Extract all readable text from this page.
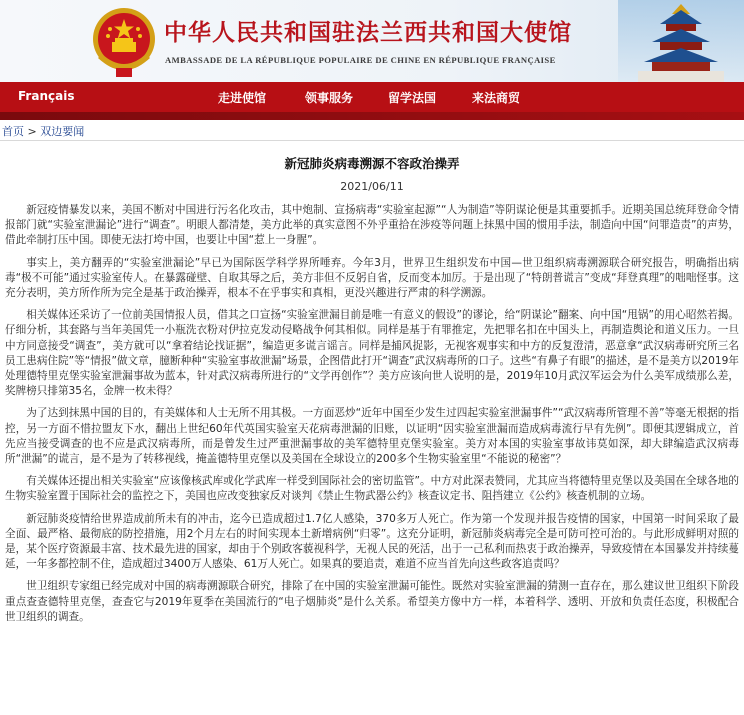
中华人民共和国驻法兰西共和国大使馆
AMBASSADE DE LA RÉPUBLIQUE POPULAIRE DE CHINE EN RÉPUBLIQUE FRANÇAISE
Français	走进使馆	领事服务	留学法国	来法商贸
首页 > 双边要闻
新冠肺炎病毒溯源不容政治操弄
2021/06/11

新冠疫情暴发以来，美国不断对中国进行污名化攻击，其中炮制、宣扬病毒“实验室起源”“人为制造”等阴谋论便是其重要抓手。近期美国总统拜登命令情报部门就“实验室泄漏论”进行“调查”。明眼人都清楚，美方此举的真实意图不外乎重拾在涉疫等问题上抹黑中国的惯用手法，制造向中国“问罪造责”的声势，借此牵制打压中国。即使无法打垮中国，也要让中国“惹上一身腥”。

事实上，美方翻弄的“实验室泄漏论”早已为国际医学科学界所唾弃。今年3月，世界卫生组织发布中国—世卫组织病毒溯源联合研究报告，明确指出病毒“极不可能”通过实验室传人。在暴露碰壁、自取其辱之后，美方非但不反躬自省，反而变本加厉。于是出现了“特朗普谎言”变成“拜登真理”的咄咄怪事。这充分表明，美方所作所为完全是基于政治操弄，根本不在乎事实和真相，更没兴趣进行严肃的科学溯源。

相关媒体还采访了一位前美国情报人员，借其之口宣扬“实验室泄漏目前是唯一有意义的假设”的谬论，给“阴谋论”翻案、向中国“甩锅”的用心昭然若揭。仔细分析，其套路与当年美国凭一小瓶洗衣粉对伊拉克发动侵略战争何其相似。同样是基于有罪推定，先把罪名扣在中国头上，再制造舆论和道义压力。一旦中方同意接受“调查”，美方就可以“拿着结论找证据”，编造更多谎言谣言。同样是捕风捉影，无视客观事实和中方的反复澄清，恶意拿“武汉病毒研究所三名员工患病住院”等“情报”做文章，臆断种种“实验室事故泄漏”场景，企图借此打开“调查”武汉病毒所的口子。这些“有鼻子有眼”的描述，是不是美方以2019年处理德特里克堡实验室泄漏事故为蓝本，针对武汉病毒所进行的“文学再创作”？美方应该向世人说明的是，2019年10月武汉军运会为什么美军成绩那么差，奖牌榜只排第35名，金牌一枚未得？

为了达到抹黑中国的目的，有美媒体和人士无所不用其极。一方面恶炒“近年中国至少发生过四起实验室泄漏事件”“武汉病毒所管理不善”等毫无根据的指控，另一方面不惜拉盟友下水，翻出上世纪60年代英国实验室天花病毒泄漏的旧账，以证明“因实验室泄漏而造成病毒流行早有先例”。即便其逻辑成立，首先应当接受调查的也不应是武汉病毒所，而是曾发生过严重泄漏事故的美军德特里克堡实验室。美方对本国的实验室事故讳莫如深，却大肆编造武汉病毒所“泄漏”的谎言，是不是为了转移视线，掩盖德特里克堡以及美国在全球设立的200多个生物实验室里“不能说的秘密”？

有关媒体还提出相关实验室“应该像核武库或化学武库一样受到国际社会的密切监管”。中方对此深表赞同，尤其应当将德特里克堡以及美国在全球各地的生物实验室置于国际社会的监控之下，美国也应改变独家反对谈判《禁止生物武器公约》核查议定书、阻挡建立《公约》核查机制的立场。

新冠肺炎疫情给世界造成前所未有的冲击，迄今已造成超过1.7亿人感染，370多万人死亡。作为第一个发现并报告疫情的国家，中国第一时间采取了最全面、最严格、最彻底的防控措施，用2个月左右的时间实现本土新增病例“归零”。这充分证明，新冠肺炎病毒完全是可防可控可治的。与此形成鲜明对照的是，某个医疗资源最丰富、技术最先进的国家，却由于个别政客藐视科学，无视人民的死活，出于一己私利而热衷于政治操弄，导致疫情在本国暴发并持续蔓延，一年多都控制不住，造成超过3400万人感染、61万人死亡。如果真的要追责，难道不应当首先向这些政客追责吗？

世卫组织专家组已经完成对中国的病毒溯源联合研究，排除了在中国的实验室泄漏可能性。既然对实验室泄漏的猜测一直存在，那么建议世卫组织下阶段重点查查德特里克堡，查查它与2019年夏季在美国流行的“电子烟肺炎”是什么关系。希望美方像中方一样，本着科学、透明、开放和负责任态度，积极配合世卫组织的调查。
